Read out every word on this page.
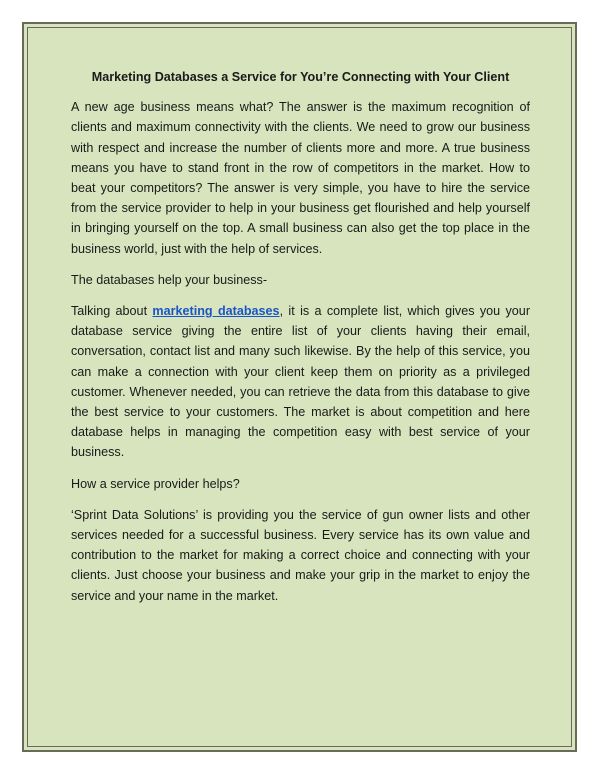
Marketing Databases a Service for You’re Connecting with Your Client

A new age business means what? The answer is the maximum recognition of clients and maximum connectivity with the clients. We need to grow our business with respect and increase the number of clients more and more. A true business means you have to stand front in the row of competitors in the market. How to beat your competitors? The answer is very simple, you have to hire the service from the service provider to help in your business get flourished and help yourself in bringing yourself on the top. A small business can also get the top place in the business world, just with the help of services.

The databases help your business-

Talking about marketing databases, it is a complete list, which gives you your database service giving the entire list of your clients having their email, conversation, contact list and many such likewise. By the help of this service, you can make a connection with your client keep them on priority as a privileged customer. Whenever needed, you can retrieve the data from this database to give the best service to your customers. The market is about competition and here database helps in managing the competition easy with best service of your business.

How a service provider helps?

‘Sprint Data Solutions’ is providing you the service of gun owner lists and other services needed for a successful business. Every service has its own value and contribution to the market for making a correct choice and connecting with your clients. Just choose your business and make your grip in the market to enjoy the service and your name in the market.
